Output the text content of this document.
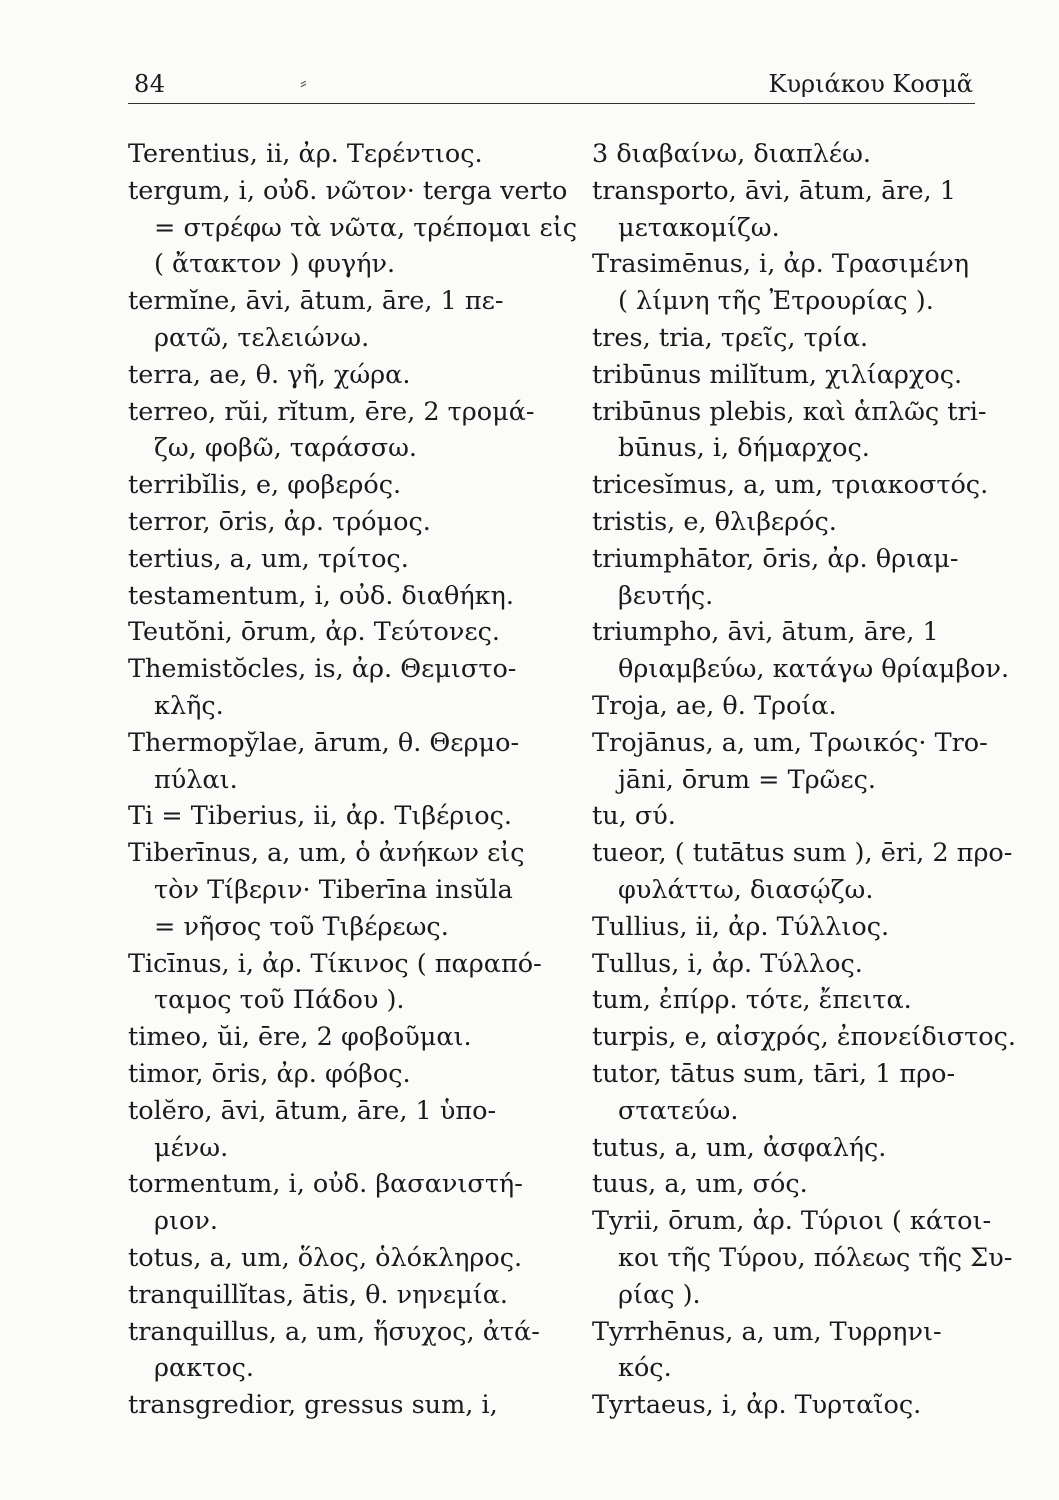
84	⸗	Κυριάκου Κοσμᾶ
Terentius, ii, ἀρ. Τερέντιος.
tergum, i, οὐδ. νῶτον· terga verto
= στρέφω τὰ νῶτα, τρέπομαι εἰς
( ἄτακτον ) φυγήν.
termĭne, āvi, ātum, āre, 1 πε-
ρατῶ, τελειώνω.
terra, ae, θ. γῆ, χώρα.
terreo, rŭi, rĭtum, ēre, 2 τρομά-
ζω, φοβῶ, ταράσσω.
terribĭlis, e, φοβερός.
terror, ōris, ἀρ. τρόμος.
tertius, a, um, τρίτος.
testamentum, i, οὐδ. διαθήκη.
Teutŏni, ōrum, ἀρ. Τεύτονες.
Themistŏcles, is, ἀρ. Θεμιστο-
κλῆς.
Thermopy̆lae, ārum, θ. Θερμο-
πύλαι.
Ti = Tiberius, ii, ἀρ. Τιβέριος.
Tiberīnus, a, um, ὁ ἀνήκων εἰς
τὸν Τίβεριν· Tiberīna insŭla
= νῆσος τοῦ Τιβέρεως.
Ticīnus, i, ἀρ. Τίκινος ( παραπό-
ταμος τοῦ Πάδου ).
timeo, ŭi, ēre, 2 φοβοῦμαι.
timor, ōris, ἀρ. φόβος.
tolĕro, āvi, ātum, āre, 1 ὑπο-
μένω.
tormentum, i, οὐδ. βασανιστή-
ριον.
totus, a, um, ὅλος, ὁλόκληρος.
tranquillĭtas, ātis, θ. νηνεμία.
tranquillus, a, um, ἥσυχος, ἀτά-
ρακτος.
transgredior, gressus sum, i,
3 διαβαίνω, διαπλέω.
transporto, āvi, ātum, āre, 1
μετακομίζω.
Trasimēnus, i, ἀρ. Τρασιμένη
( λίμνη τῆς Ἐτρουρίας ).
tres, tria, τρεῖς, τρία.
tribūnus milĭtum, χιλίαρχος.
tribūnus plebis, καὶ ἁπλῶς tri-
būnus, i, δήμαρχος.
tricesĭmus, a, um, τριακοστός.
tristis, e, θλιβερός.
triumphātor, ōris, ἀρ. θριαμ-
βευτής.
triumpho, āvi, ātum, āre, 1
θριαμβεύω, κατάγω θρίαμβον.
Troja, ae, θ. Τροία.
Trojānus, a, um, Τρωικός· Tro-
jāni, ōrum = Τρῶες.
tu, σύ.
tueor, ( tutātus sum ), ēri, 2 προ-
φυλάττω, διασῴζω.
Tullius, ii, ἀρ. Τύλλιος.
Tullus, i, ἀρ. Τύλλος.
tum, ἐπίρρ. τότε, ἔπειτα.
turpis, e, αἰσχρός, ἐπονείδιστος.
tutor, tātus sum, tāri, 1 προ-
στατεύω.
tutus, a, um, ἀσφαλής.
tuus, a, um, σός.
Tyrii, ōrum, ἀρ. Τύριοι ( κάτοι-
κοι τῆς Τύρου, πόλεως τῆς Συ-
ρίας ).
Tyrrhēnus, a, um, Τυρρηνι-
κός.
Tyrtaeus, i, ἀρ. Τυρταῖος.
